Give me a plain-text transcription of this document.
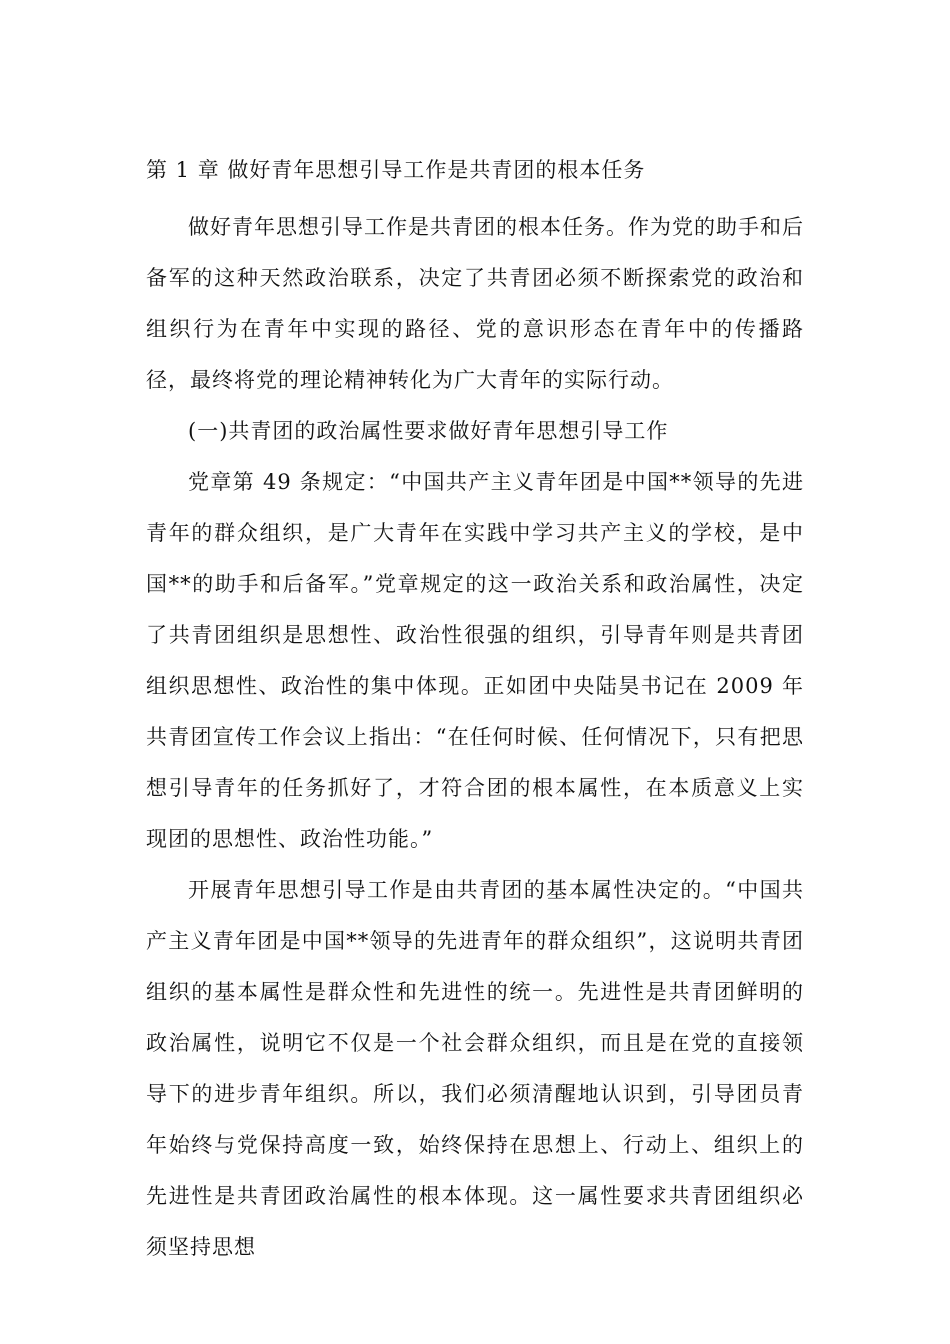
第 1 章 做好青年思想引导工作是共青团的根本任务

做好青年思想引导工作是共青团的根本任务。作为党的助手和后备军的这种天然政治联系，决定了共青团必须不断探索党的政治和组织行为在青年中实现的路径、党的意识形态在青年中的传播路径，最终将党的理论精神转化为广大青年的实际行动。

(一)共青团的政治属性要求做好青年思想引导工作

党章第 49 条规定：“中国共产主义青年团是中国**领导的先进青年的群众组织，是广大青年在实践中学习共产主义的学校，是中国**的助手和后备军。”党章规定的这一政治关系和政治属性，决定了共青团组织是思想性、政治性很强的组织，引导青年则是共青团组织思想性、政治性的集中体现。正如团中央陆昊书记在 2009 年共青团宣传工作会议上指出：“在任何时候、任何情况下，只有把思想引导青年的任务抓好了，才符合团的根本属性，在本质意义上实现团的思想性、政治性功能。”

开展青年思想引导工作是由共青团的基本属性决定的。“中国共产主义青年团是中国**领导的先进青年的群众组织”，这说明共青团组织的基本属性是群众性和先进性的统一。先进性是共青团鲜明的政治属性，说明它不仅是一个社会群众组织，而且是在党的直接领导下的进步青年组织。所以，我们必须清醒地认识到，引导团员青年始终与党保持高度一致，始终保持在思想上、行动上、组织上的先进性是共青团政治属性的根本体现。这一属性要求共青团组织必须坚持思想
